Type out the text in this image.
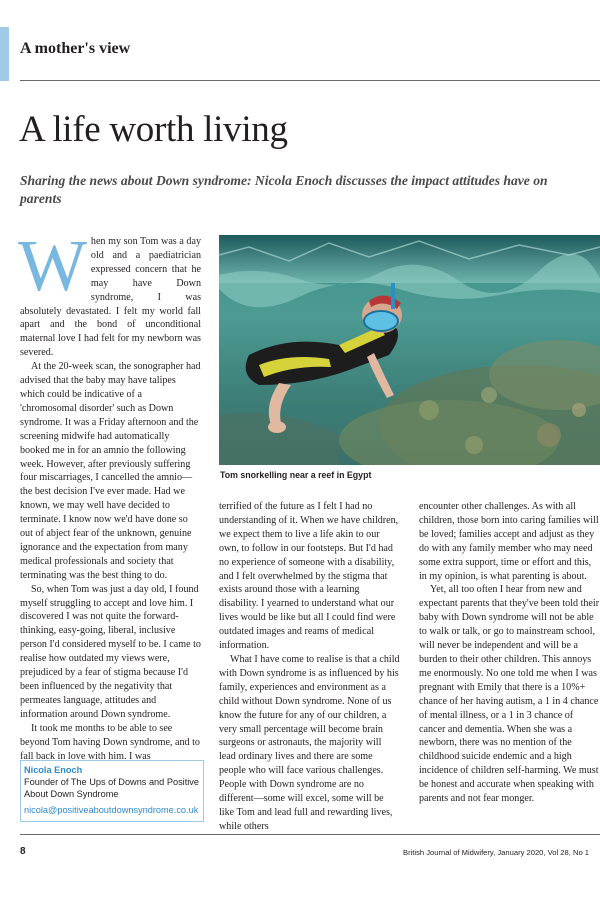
A mother's view
A life worth living
Sharing the news about Down syndrome: Nicola Enoch discusses the impact attitudes have on parents

When my son Tom was a day old and a paediatrician expressed concern that he may have Down syndrome, I was absolutely devastated. I felt my world fall apart and the bond of unconditional maternal love I had felt for my newborn was severed.

At the 20-week scan, the sonographer had advised that the baby may have talipes which could be indicative of a 'chromosomal disorder' such as Down syndrome. It was a Friday afternoon and the screening midwife had automatically booked me in for an amnio the following week. However, after previously suffering four miscarriages, I cancelled the amnio—the best decision I've ever made. Had we known, we may well have decided to terminate. I know now we'd have done so out of abject fear of the unknown, genuine ignorance and the expectation from many medical professionals and society that terminating was the best thing to do.

So, when Tom was just a day old, I found myself struggling to accept and love him. I discovered I was not quite the forward-thinking, easy-going, liberal, inclusive person I'd considered myself to be. I came to realise how outdated my views were, prejudiced by a fear of stigma because I'd been influenced by the negativity that permeates language, attitudes and information around Down syndrome.

It took me months to be able to see beyond Tom having Down syndrome, and to fall back in love with him. I was

Tom snorkelling near a reef in Egypt

terrified of the future as I felt I had no understanding of it. When we have children, we expect them to live a life akin to our own, to follow in our footsteps. But I'd had no experience of someone with a disability, and I felt overwhelmed by the stigma that exists around those with a learning disability. I yearned to understand what our lives would be like but all I could find were outdated images and reams of medical information.

What I have come to realise is that a child with Down syndrome is as influenced by his family, experiences and environment as a child without Down syndrome. None of us know the future for any of our children, a very small percentage will become brain surgeons or astronauts, the majority will lead ordinary lives and there are some people who will face various challenges. People with Down syndrome are no different—some will excel, some will be like Tom and lead full and rewarding lives, while others

encounter other challenges. As with all children, those born into caring families will be loved; families accept and adjust as they do with any family member who may need some extra support, time or effort and this, in my opinion, is what parenting is about.

Yet, all too often I hear from new and expectant parents that they've been told their baby with Down syndrome will not be able to walk or talk, or go to mainstream school, will never be independent and will be a burden to their other children. This annoys me enormously. No one told me when I was pregnant with Emily that there is a 10%+ chance of her having autism, a 1 in 4 chance of mental illness, or a 1 in 3 chance of cancer and dementia. When she was a newborn, there was no mention of the childhood suicide endemic and a high incidence of children self-harming. We must be honest and accurate when speaking with parents and not fear monger.

Nicola Enoch
Founder of The Ups of Downs and Positive About Down Syndrome
nicola@positiveaboutdownsyndrome.co.uk
8	British Journal of Midwifery, January 2020, Vol 28, No 1
